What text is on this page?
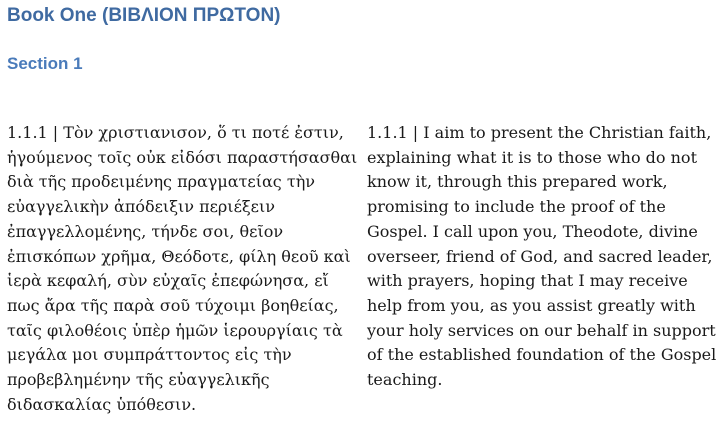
Book One (ΒΙΒΛΙΟΝ ΠΡΩΤΟΝ)
Section 1
1.1.1 | Τὸν χριστιανισον, ὅ τι ποτέ ἐστιν,
ἡγούμενος τοῖς οὐκ εἰδόσι παραστήσασθαι
διὰ τῆς προδειμένης πραγματείας τὴν
εὐαγγελικὴν ἀπόδειξιν περιέξειν
ἐπαγγελλομένης, τήνδε σοι, θεῖον
ἐπισκόπων χρῆμα, Θεόδοτε, φίλη θεοῦ καὶ
ἱερὰ κεφαλή, σὺν εὐχαῖς ἐπεφώνησα, εἴ
πως ἄρα τῆς παρὰ σοῦ τύχοιμι βοηθείας,
ταῖς φιλοθέοις ὑπὲρ ἡμῶν ἱερουργίαις τὰ
μεγάλα μοι συμπράττοντος εἰς τὴν
προβεβλημένην τῆς εὐαγγελικῆς
διδασκαλίας ὑπόθεσιν.
1.1.1 | I aim to present the Christian faith,
explaining what it is to those who do not
know it, through this prepared work,
promising to include the proof of the
Gospel. I call upon you, Theodote, divine
overseer, friend of God, and sacred leader,
with prayers, hoping that I may receive
help from you, as you assist greatly with
your holy services on our behalf in support
of the established foundation of the Gospel
teaching.
